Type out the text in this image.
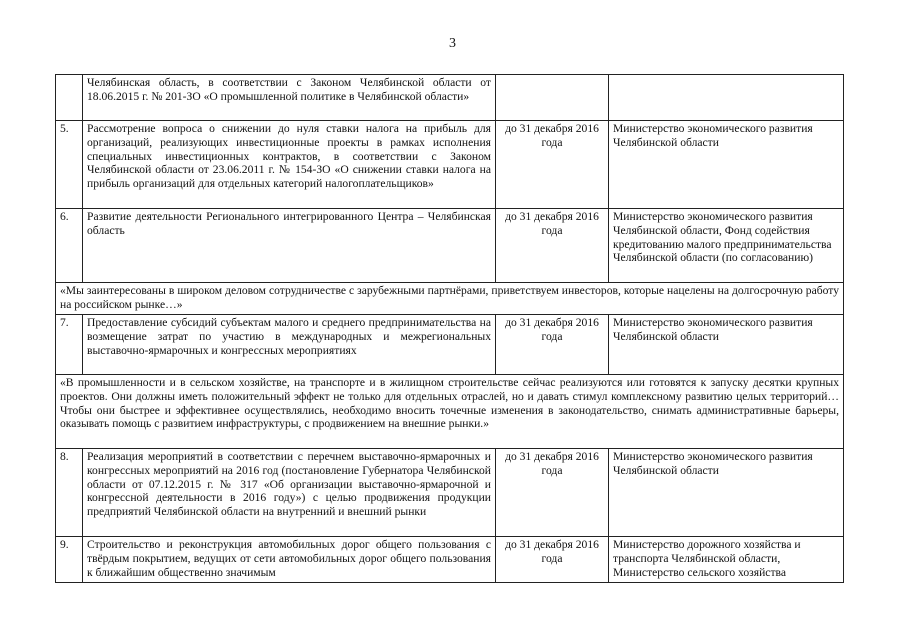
3
	Челябинская область, в соответствии с Законом Челябинской области от 18.06.2015 г. № 201-ЗО «О промышленной политике в Челябинской области»		
5.	Рассмотрение вопроса о снижении до нуля ставки налога на прибыль для организаций, реализующих инвестиционные проекты в рамках исполнения специальных инвестиционных контрактов, в соответствии с Законом Челябинской области от 23.06.2011 г. № 154-ЗО «О снижении ставки налога на прибыль организаций для отдельных категорий налогоплательщиков»	до 31 декабря 2016 года	Министерство экономического развития Челябинской области
6.	Развитие деятельности Регионального интегрированного Центра – Челябинская область	до 31 декабря 2016 года	Министерство экономического развития Челябинской области, Фонд содействия кредитованию малого предпринимательства Челябинской области (по согласованию)
«Мы заинтересованы в широком деловом сотрудничестве с зарубежными партнёрами, приветствуем инвесторов, которые нацелены на долгосрочную работу на российском рынке…»			
7.	Предоставление субсидий субъектам малого и среднего предпринимательства на возмещение затрат по участию в международных и межрегиональных выставочно-ярмарочных и конгрессных мероприятиях	до 31 декабря 2016 года	Министерство экономического развития Челябинской области
«В промышленности и в сельском хозяйстве, на транспорте и в жилищном строительстве сейчас реализуются или готовятся к запуску десятки крупных проектов. Они должны иметь положительный эффект не только для отдельных отраслей, но и давать стимул комплексному развитию целых территорий…Чтобы они быстрее и эффективнее осуществлялись, необходимо вносить точечные изменения в законодательство, снимать административные барьеры, оказывать помощь с развитием инфраструктуры, с продвижением на внешние рынки.»			
8.	Реализация мероприятий в соответствии с перечнем выставочно-ярмарочных и конгрессных мероприятий на 2016 год (постановление Губернатора Челябинской области от 07.12.2015 г. № 317 «Об организации выставочно-ярмарочной и конгрессной деятельности в 2016 году») с целью продвижения продукции предприятий Челябинской области на внутренний и внешний рынки	до 31 декабря 2016 года	Министерство экономического развития Челябинской области
9.	Строительство и реконструкция автомобильных дорог общего пользования с твёрдым покрытием, ведущих от сети автомобильных дорог общего пользования к ближайшим общественно значимым	до 31 декабря 2016 года	Министерство дорожного хозяйства и транспорта Челябинской области, Министерство сельского хозяйства
